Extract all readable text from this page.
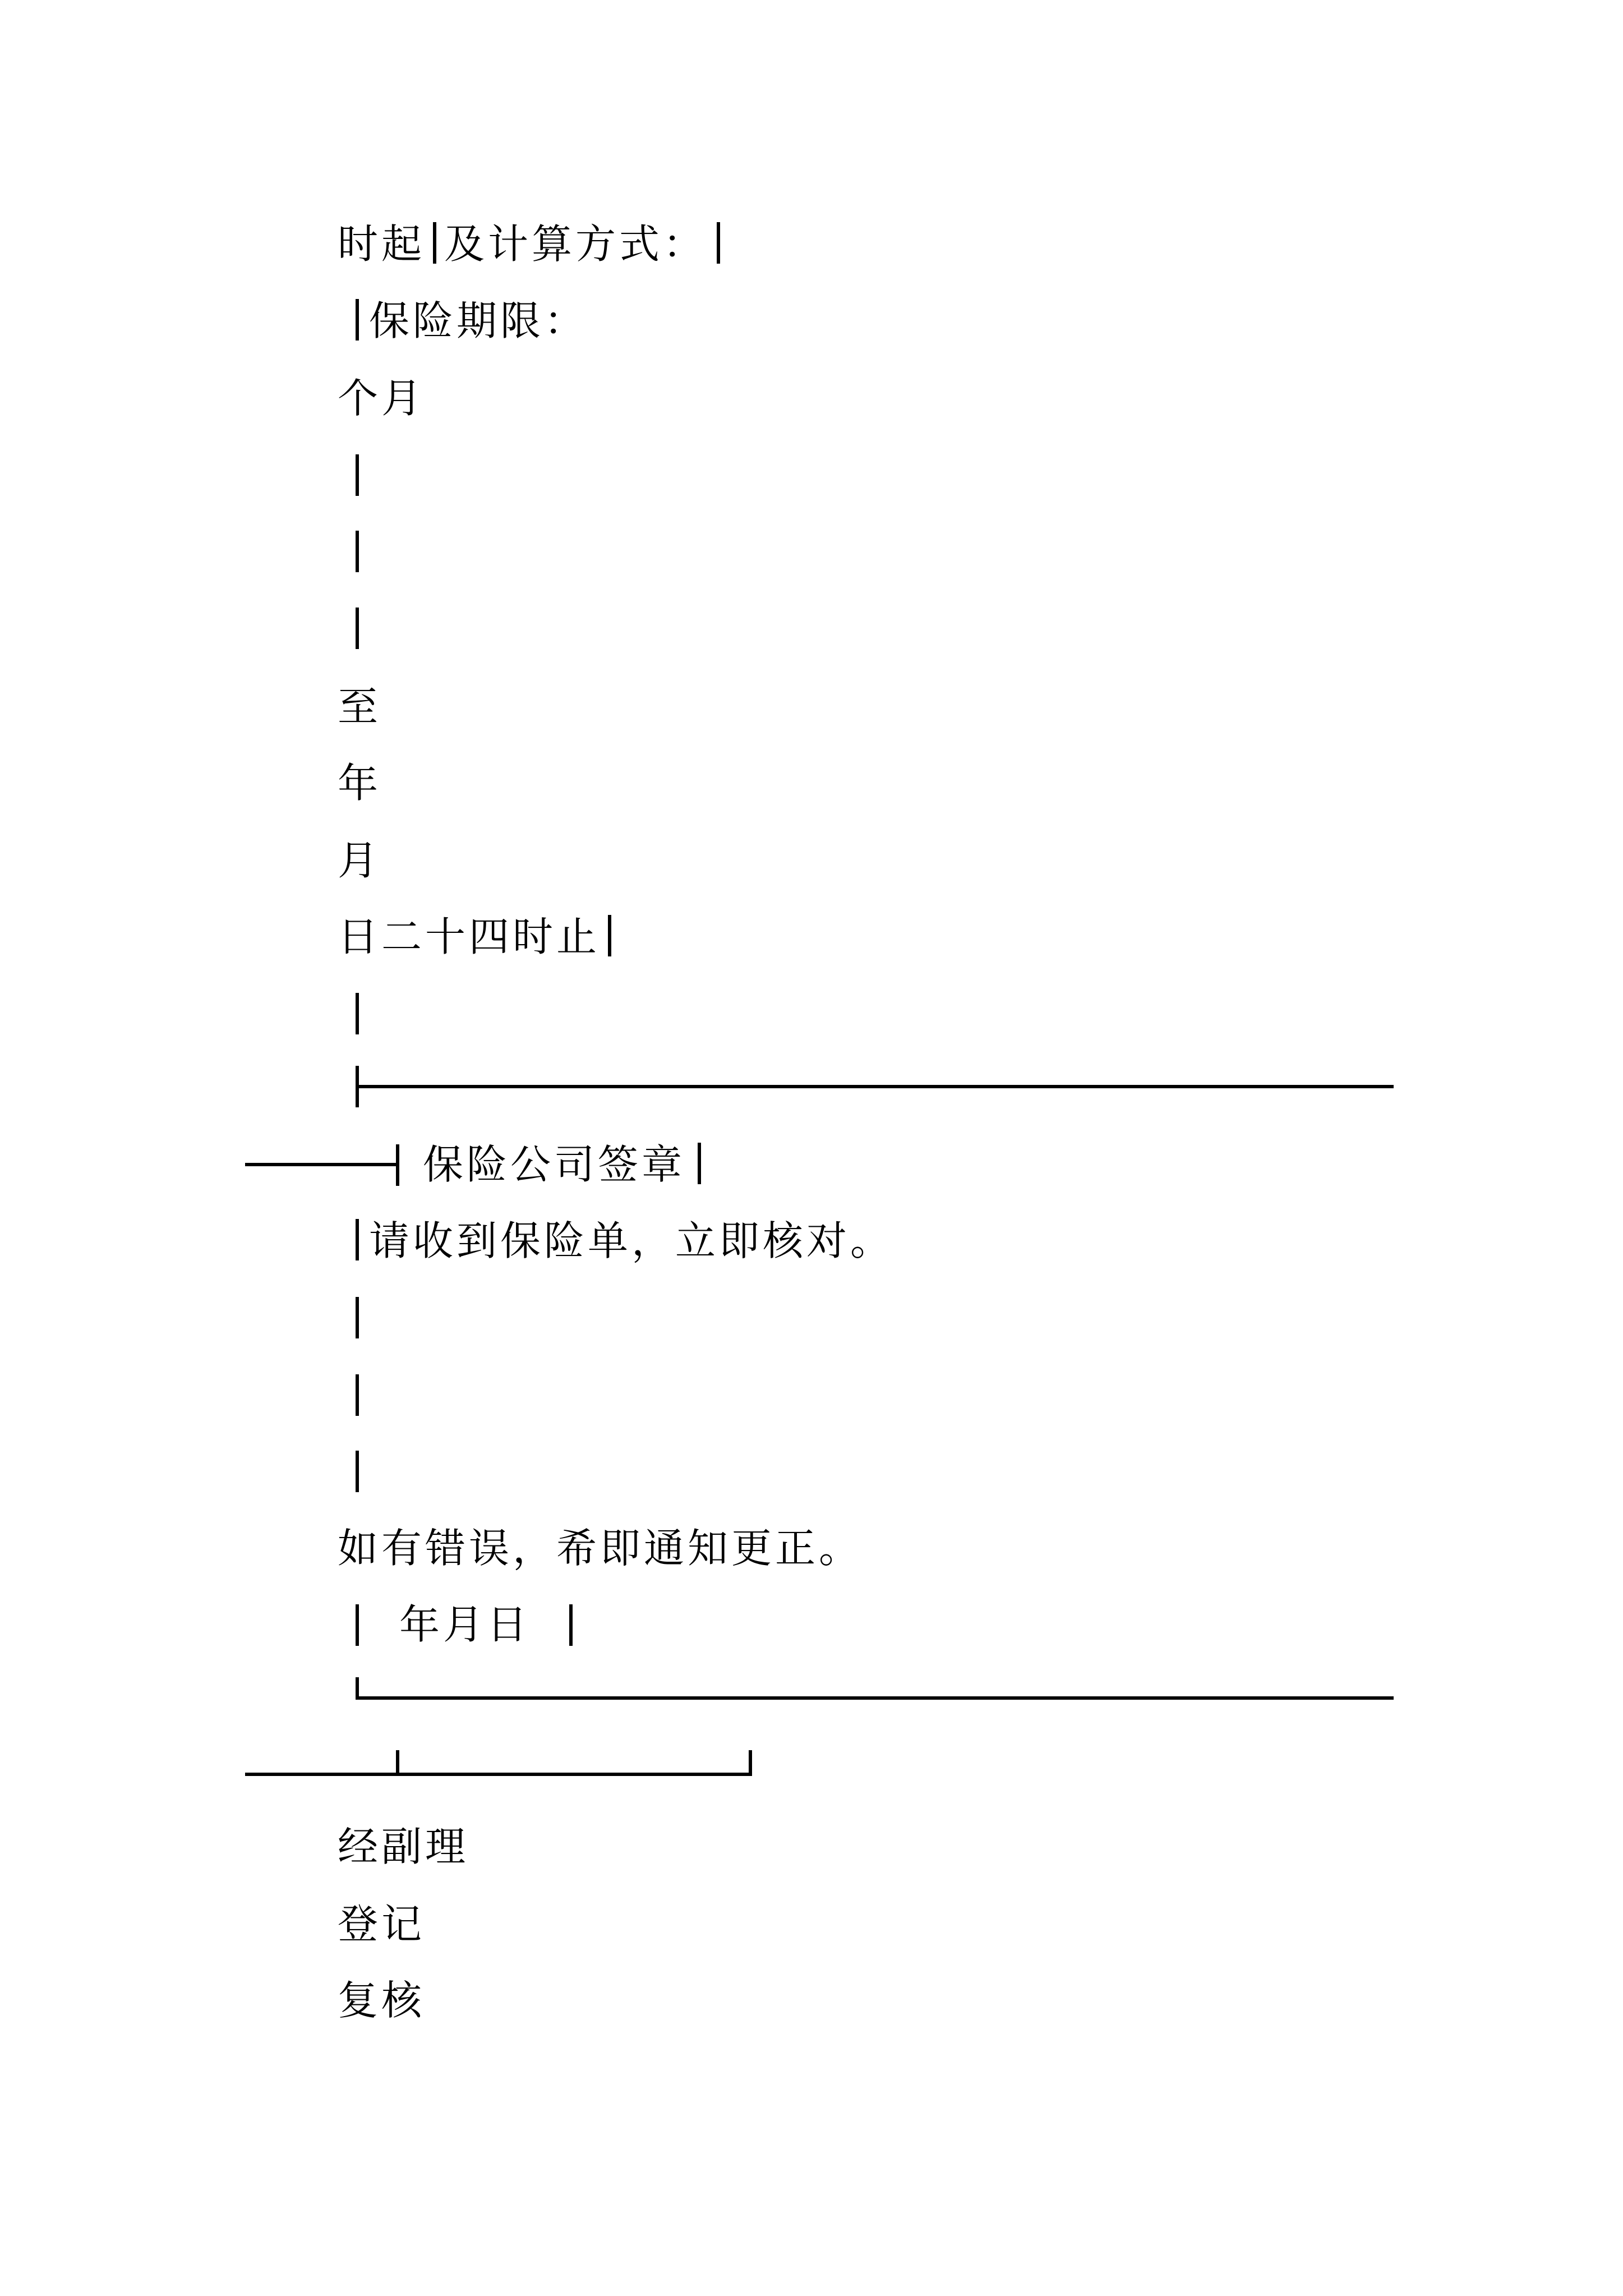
时起 及计算方式：
保险期限：
个月
至
年
月
日二十四时止
保险公司签章
请收到保险单，立即核对。
如有错误，希即通知更正。
年月日
经副理
登记
复核
